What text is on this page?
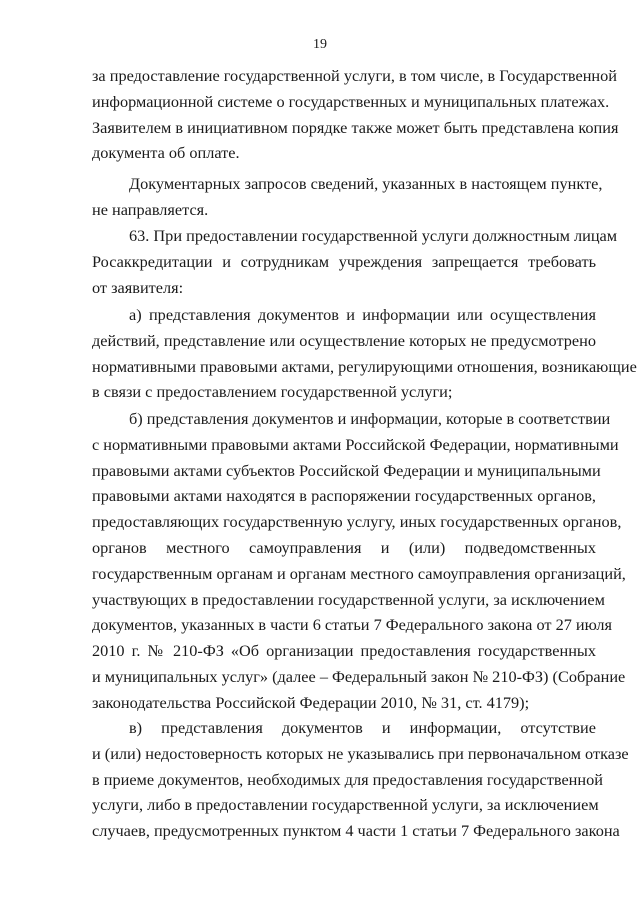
19
за предоставление государственной услуги, в том числе, в Государственной
информационной системе о государственных и муниципальных платежах.
Заявителем в инициативном порядке также может быть представлена копия
документа об оплате.
Документарных запросов сведений, указанных в настоящем пункте,
не направляется.
63. При предоставлении государственной услуги должностным лицам
Росаккредитации и сотрудникам учреждения запрещается требовать
от заявителя:
а) представления документов и информации или осуществления
действий, представление или осуществление которых не предусмотрено
нормативными правовыми актами, регулирующими отношения, возникающие
в связи с предоставлением государственной услуги;
б) представления документов и информации, которые в соответствии
с нормативными правовыми актами Российской Федерации, нормативными
правовыми актами субъектов Российской Федерации и муниципальными
правовыми актами находятся в распоряжении государственных органов,
предоставляющих государственную услугу, иных государственных органов,
органов местного самоуправления и (или) подведомственных
государственным органам и органам местного самоуправления организаций,
участвующих в предоставлении государственной услуги, за исключением
документов, указанных в части 6 статьи 7 Федерального закона от 27 июля
2010 г. № 210-ФЗ «Об организации предоставления государственных
и муниципальных услуг» (далее – Федеральный закон № 210-ФЗ) (Собрание
законодательства Российской Федерации 2010, № 31, ст. 4179);
в) представления документов и информации, отсутствие
и (или) недостоверность которых не указывались при первоначальном отказе
в приеме документов, необходимых для предоставления государственной
услуги, либо в предоставлении государственной услуги, за исключением
случаев, предусмотренных пунктом 4 части 1 статьи 7 Федерального закона
